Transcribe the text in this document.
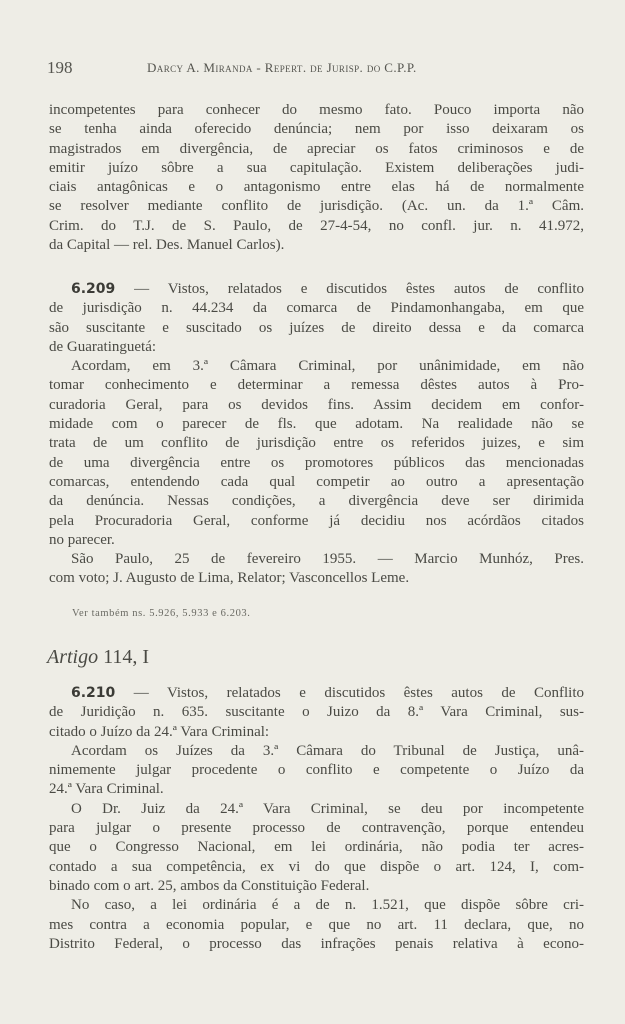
198	Darcy A. Miranda - Repert. de Jurisp. do C.P.P.
incompetentes para conhecer do mesmo fato. Pouco importa não
se tenha ainda oferecido denúncia; nem por isso deixaram os
magistrados em divergência, de apreciar os fatos criminosos e de
emitir juízo sôbre a sua capitulação. Existem deliberações judi-
ciais antagônicas e o antagonismo entre elas há de normalmente
se resolver mediante conflito de jurisdição. (Ac. un. da 1.ª Câm.
Crim. do T.J. de S. Paulo, de 27-4-54, no confl. jur. n. 41.972,
da Capital — rel. Des. Manuel Carlos).
6.209 — Vistos, relatados e discutidos êstes autos de conflito
de jurisdição n. 44.234 da comarca de Pindamonhangaba, em que
são suscitante e suscitado os juízes de direito dessa e da comarca
de Guaratinguetá:
Acordam, em 3.ª Câmara Criminal, por unânimidade, em não
tomar conhecimento e determinar a remessa dêstes autos à Pro-
curadoria Geral, para os devidos fins. Assim decidem em confor-
midade com o parecer de fls. que adotam. Na realidade não se
trata de um conflito de jurisdição entre os referidos juizes, e sim
de uma divergência entre os promotores públicos das mencionadas
comarcas, entendendo cada qual competir ao outro a apresentação
da denúncia. Nessas condições, a divergência deve ser dirimida
pela Procuradoria Geral, conforme já decidiu nos acórdãos citados
no parecer.
São Paulo, 25 de fevereiro 1955. — Marcio Munhóz, Pres.
com voto; J. Augusto de Lima, Relator; Vasconcellos Leme.
Ver também ns. 5.926, 5.933 e 6.203.
Artigo 114, I
6.210 — Vistos, relatados e discutidos êstes autos de Conflito
de Juridição n. 635. suscitante o Juizo da 8.ª Vara Criminal, sus-
citado o Juízo da 24.ª Vara Criminal:
Acordam os Juízes da 3.ª Câmara do Tribunal de Justiça, unâ-
nimemente julgar procedente o conflito e competente o Juízo da
24.ª Vara Criminal.
O Dr. Juiz da 24.ª Vara Criminal, se deu por incompetente
para julgar o presente processo de contravenção, porque entendeu
que o Congresso Nacional, em lei ordinária, não podia ter acres-
contado a sua competência, ex vi do que dispõe o art. 124, I, com-
binado com o art. 25, ambos da Constituição Federal.
No caso, a lei ordinária é a de n. 1.521, que dispõe sôbre cri-
mes contra a economia popular, e que no art. 11 declara, que, no
Distrito Federal, o processo das infrações penais relativa à econo-
